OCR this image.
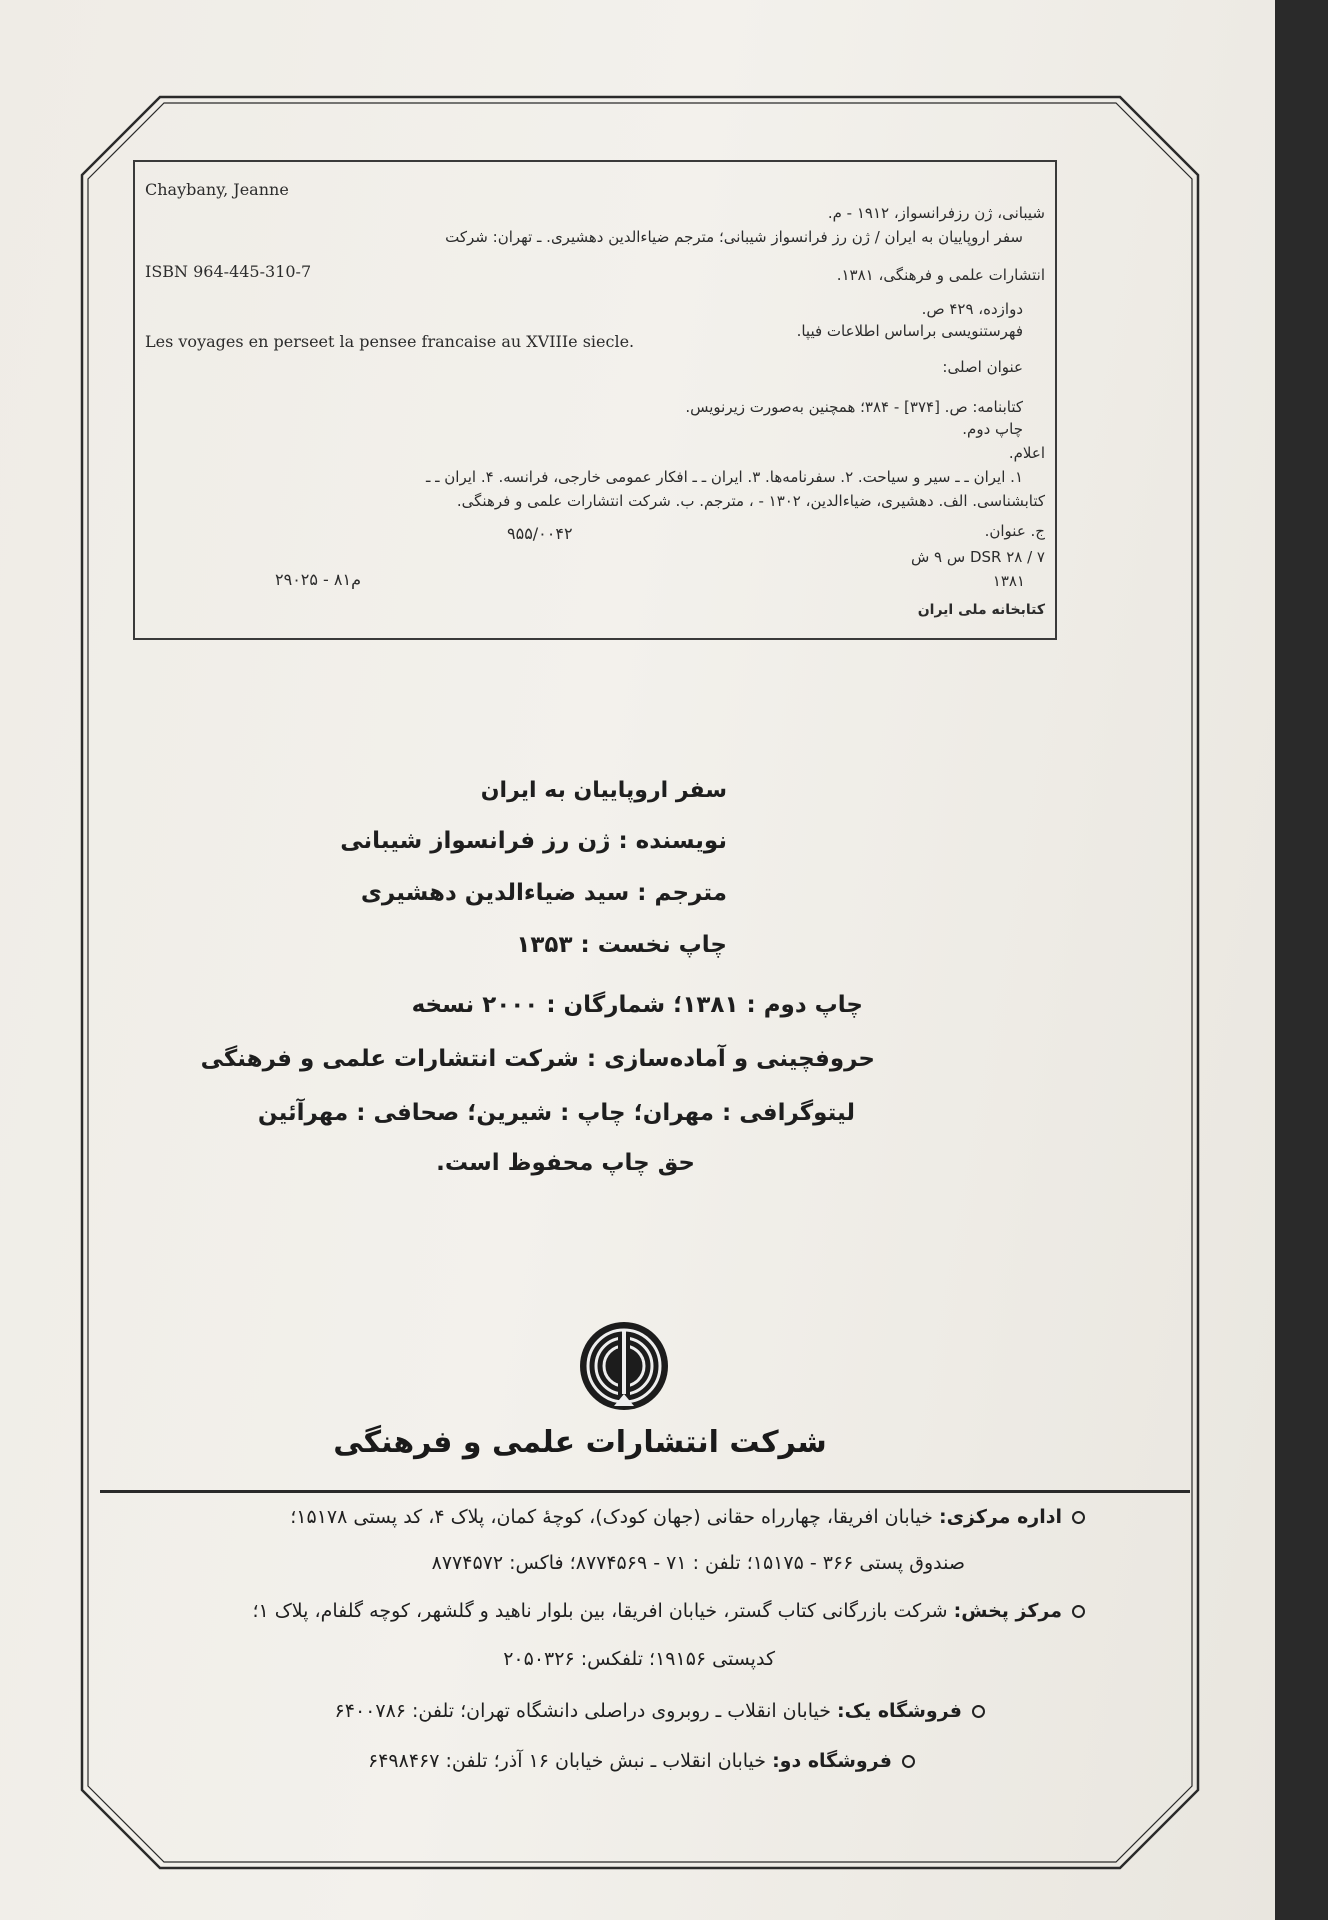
Chaybany, Jeanne
شیبانی، ژن رزفرانسواز، ۱۹۱۲ - م.
سفر اروپاییان به ایران / ژن رز فرانسواز شیبانی؛ مترجم ضیاءالدین دهشیری. ـ تهران: شرکت
ISBN 964-445-310-7	انتشارات علمی و فرهنگی، ۱۳۸۱.
دوازده، ۴۲۹ ص.
فهرستنویسی براساس اطلاعات فیپا.
Les voyages en perseet la pensee francaise au XVIIIe siecle.
عنوان اصلی:
کتابنامه: ص. [۳۷۴] - ۳۸۴؛ همچنین به‌صورت زیرنویس.
چاپ دوم.
اعلام.
۱. ایران ـ ـ سیر و سیاحت. ۲. سفرنامه‌ها. ۳. ایران ـ ـ افکار عمومی خارجی، فرانسه. ۴. ایران ـ ـ
کتابشناسی. الف. دهشیری، ضیاءالدین، ۱۳۰۲ - ، مترجم. ب. شرکت انتشارات علمی و فرهنگی.
ج. عنوان.
۹۵۵/۰۰۴۲
DSR ۲۸ / ۷ س ۹ ش
۱۳۸۱
۲۹۰۲۵ - ۸۱م
کتابخانه ملی ایران
سفر اروپاییان به ایران
نویسنده : ژن رز فرانسواز شیبانی
مترجم : سید ضیاءالدین دهشیری
چاپ نخست : ۱۳۵۳
چاپ دوم : ۱۳۸۱؛ شمارگان : ۲۰۰۰ نسخه
حروفچینی و آماده‌سازی : شرکت انتشارات علمی و فرهنگی
لیتوگرافی : مهران؛ چاپ : شیرین؛ صحافی : مهرآئین
حق چاپ محفوظ است.
شرکت انتشارات علمی و فرهنگی
اداره مرکزی: خیابان افریقا، چهارراه حقانی (جهان کودک)، کوچهٔ کمان، پلاک ۴، کد پستی ۱۵۱۷۸؛
صندوق پستی ۳۶۶ - ۱۵۱۷۵؛ تلفن : ۷۱ - ۸۷۷۴۵۶۹؛ فاکس: ۸۷۷۴۵۷۲
مرکز پخش: شرکت بازرگانی کتاب گستر، خیابان افریقا، بین بلوار ناهید و گلشهر، کوچه گلفام، پلاک ۱؛
کدپستی ۱۹۱۵۶؛ تلفکس: ۲۰۵۰۳۲۶
فروشگاه یک: خیابان انقلاب ـ روبروی دراصلی دانشگاه تهران؛ تلفن: ۶۴۰۰۷۸۶
فروشگاه دو: خیابان انقلاب ـ نبش خیابان ۱۶ آذر؛ تلفن: ۶۴۹۸۴۶۷
